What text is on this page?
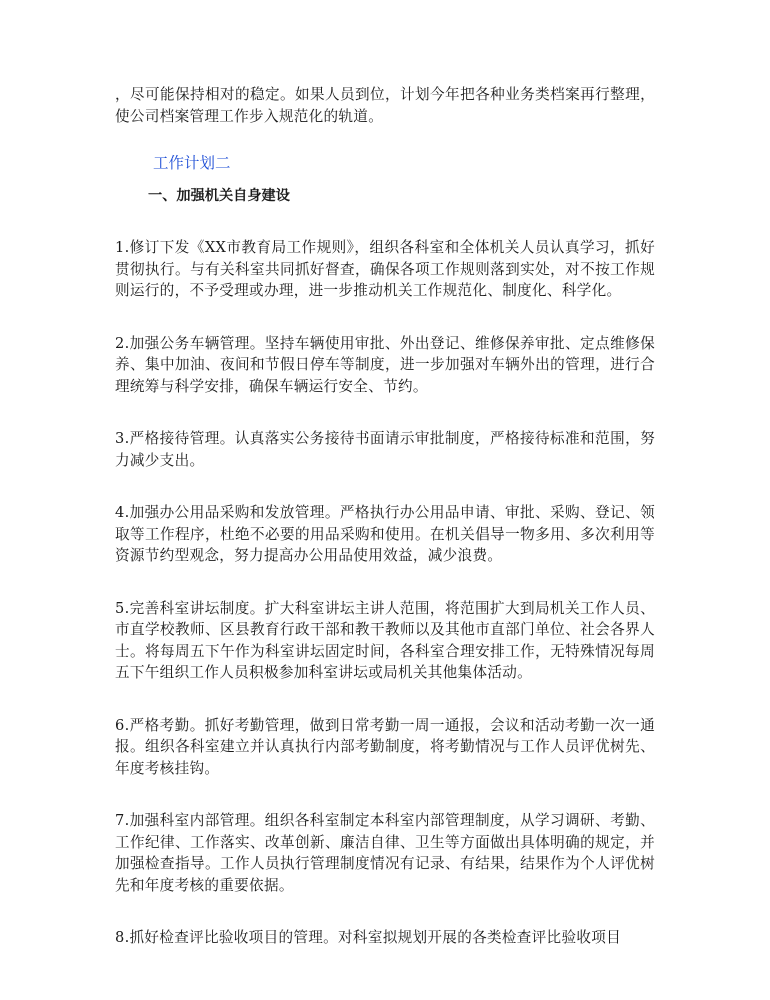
，尽可能保持相对的稳定。如果人员到位，计划今年把各种业务类档案再行整理，使公司档案管理工作步入规范化的轨道。

工作计划二

一、加强机关自身建设

1.修订下发《XX市教育局工作规则》，组织各科室和全体机关人员认真学习，抓好贯彻执行。与有关科室共同抓好督查，确保各项工作规则落到实处，对不按工作规则运行的，不予受理或办理，进一步推动机关工作规范化、制度化、科学化。

2.加强公务车辆管理。坚持车辆使用审批、外出登记、维修保养审批、定点维修保养、集中加油、夜间和节假日停车等制度，进一步加强对车辆外出的管理，进行合理统筹与科学安排，确保车辆运行安全、节约。

3.严格接待管理。认真落实公务接待书面请示审批制度，严格接待标准和范围，努力减少支出。

4.加强办公用品采购和发放管理。严格执行办公用品申请、审批、采购、登记、领取等工作程序，杜绝不必要的用品采购和使用。在机关倡导一物多用、多次利用等资源节约型观念，努力提高办公用品使用效益，减少浪费。

5.完善科室讲坛制度。扩大科室讲坛主讲人范围，将范围扩大到局机关工作人员、市直学校教师、区县教育行政干部和教干教师以及其他市直部门单位、社会各界人士。将每周五下午作为科室讲坛固定时间，各科室合理安排工作，无特殊情况每周五下午组织工作人员积极参加科室讲坛或局机关其他集体活动。

6.严格考勤。抓好考勤管理，做到日常考勤一周一通报，会议和活动考勤一次一通报。组织各科室建立并认真执行内部考勤制度，将考勤情况与工作人员评优树先、年度考核挂钩。

7.加强科室内部管理。组织各科室制定本科室内部管理制度，从学习调研、考勤、工作纪律、工作落实、改革创新、廉洁自律、卫生等方面做出具体明确的规定，并加强检查指导。工作人员执行管理制度情况有记录、有结果，结果作为个人评优树先和年度考核的重要依据。

8.抓好检查评比验收项目的管理。对科室拟规划开展的各类检查评比验收项目
